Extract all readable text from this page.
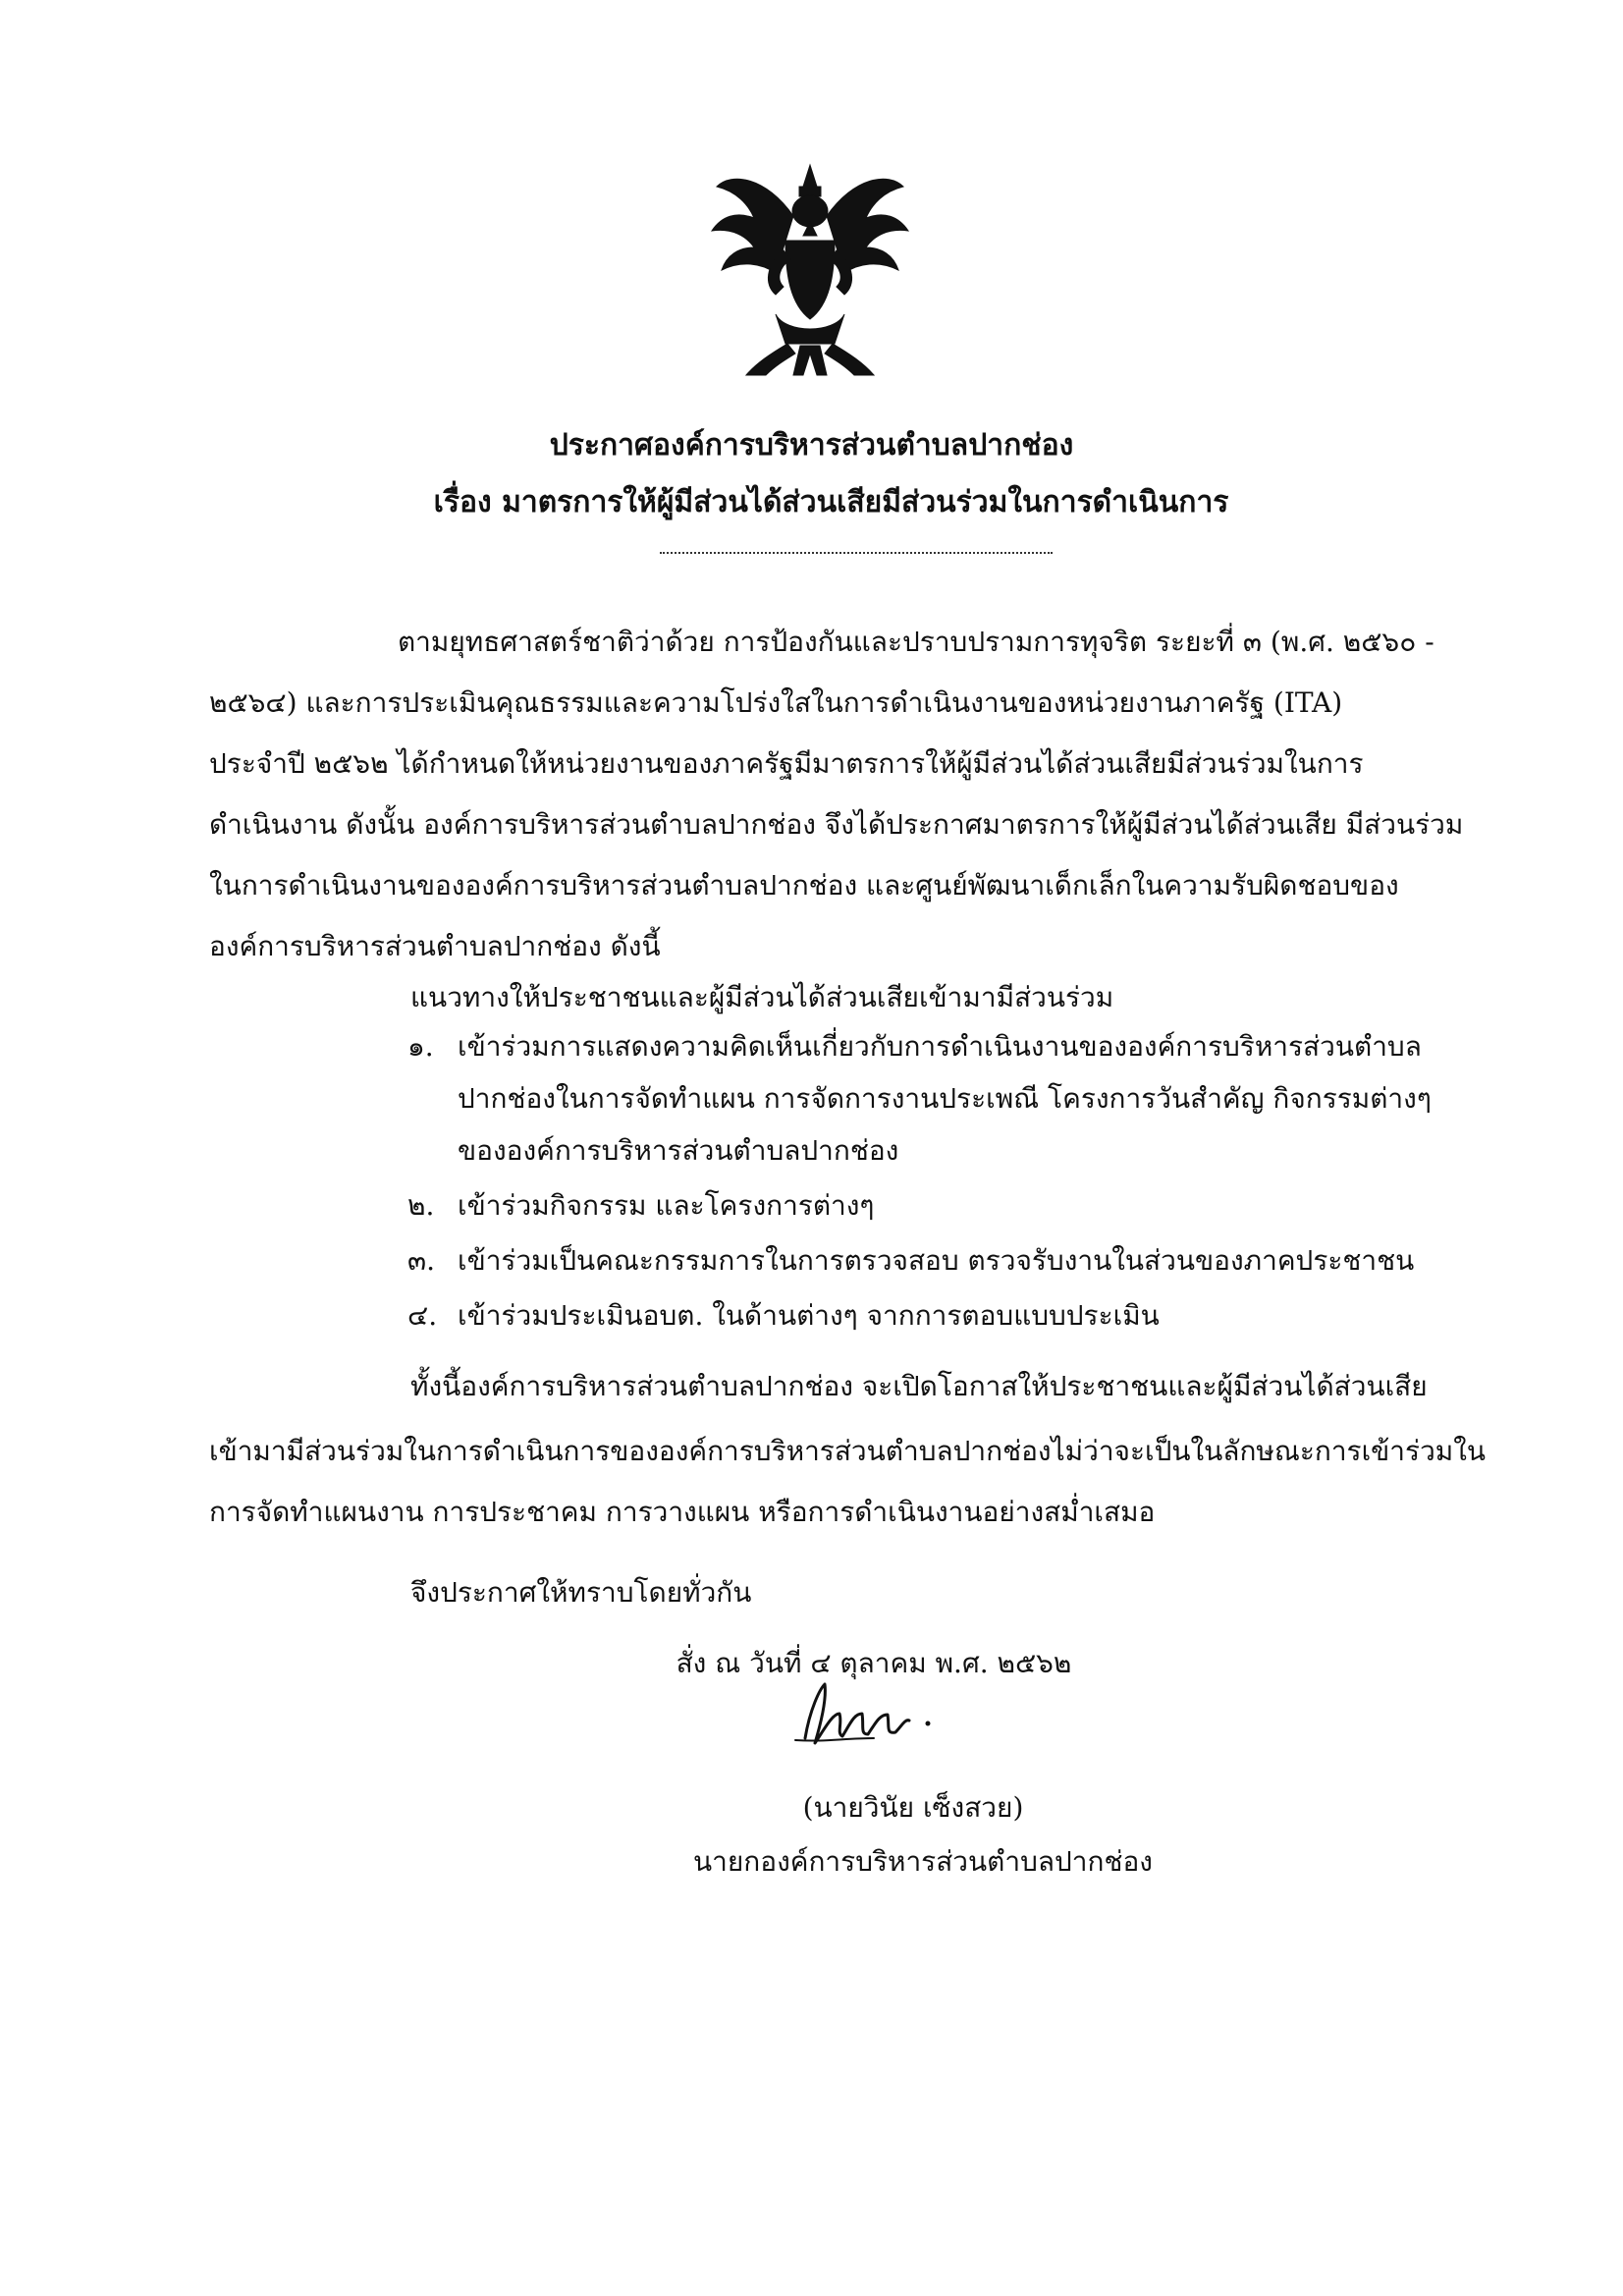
ประกาศองค์การบริหารส่วนตำบลปากช่อง
เรื่อง มาตรการให้ผู้มีส่วนได้ส่วนเสียมีส่วนร่วมในการดำเนินการ
ตามยุทธศาสตร์ชาติว่าด้วย การป้องกันและปราบปรามการทุจริต ระยะที่ ๓ (พ.ศ. ๒๕๖๐ -
๒๕๖๔) และการประเมินคุณธรรมและความโปร่งใสในการดำเนินงานของหน่วยงานภาครัฐ (ITA)
ประจำปี ๒๕๖๒ ได้กำหนดให้หน่วยงานของภาครัฐมีมาตรการให้ผู้มีส่วนได้ส่วนเสียมีส่วนร่วมในการ
ดำเนินงาน ดังนั้น องค์การบริหารส่วนตำบลปากช่อง จึงได้ประกาศมาตรการให้ผู้มีส่วนได้ส่วนเสีย มีส่วนร่วม
ในการดำเนินงานขององค์การบริหารส่วนตำบลปากช่อง และศูนย์พัฒนาเด็กเล็กในความรับผิดชอบของ
องค์การบริหารส่วนตำบลปากช่อง ดังนี้
แนวทางให้ประชาชนและผู้มีส่วนได้ส่วนเสียเข้ามามีส่วนร่วม
๑. เข้าร่วมการแสดงความคิดเห็นเกี่ยวกับการดำเนินงานขององค์การบริหารส่วนตำบล
ปากช่องในการจัดทำแผน การจัดการงานประเพณี โครงการวันสำคัญ กิจกรรมต่างๆ
ขององค์การบริหารส่วนตำบลปากช่อง
๒. เข้าร่วมกิจกรรม และโครงการต่างๆ
๓. เข้าร่วมเป็นคณะกรรมการในการตรวจสอบ ตรวจรับงานในส่วนของภาคประชาชน
๔. เข้าร่วมประเมินอบต. ในด้านต่างๆ จากการตอบแบบประเมิน
ทั้งนี้องค์การบริหารส่วนตำบลปากช่อง จะเปิดโอกาสให้ประชาชนและผู้มีส่วนได้ส่วนเสีย
เข้ามามีส่วนร่วมในการดำเนินการขององค์การบริหารส่วนตำบลปากช่องไม่ว่าจะเป็นในลักษณะการเข้าร่วมใน
การจัดทำแผนงาน การประชาคม การวางแผน หรือการดำเนินงานอย่างสม่ำเสมอ
จึงประกาศให้ทราบโดยทั่วกัน
สั่ง ณ วันที่ ๔ ตุลาคม พ.ศ. ๒๕๖๒
(นายวินัย เซ็งสวย)
นายกองค์การบริหารส่วนตำบลปากช่อง
